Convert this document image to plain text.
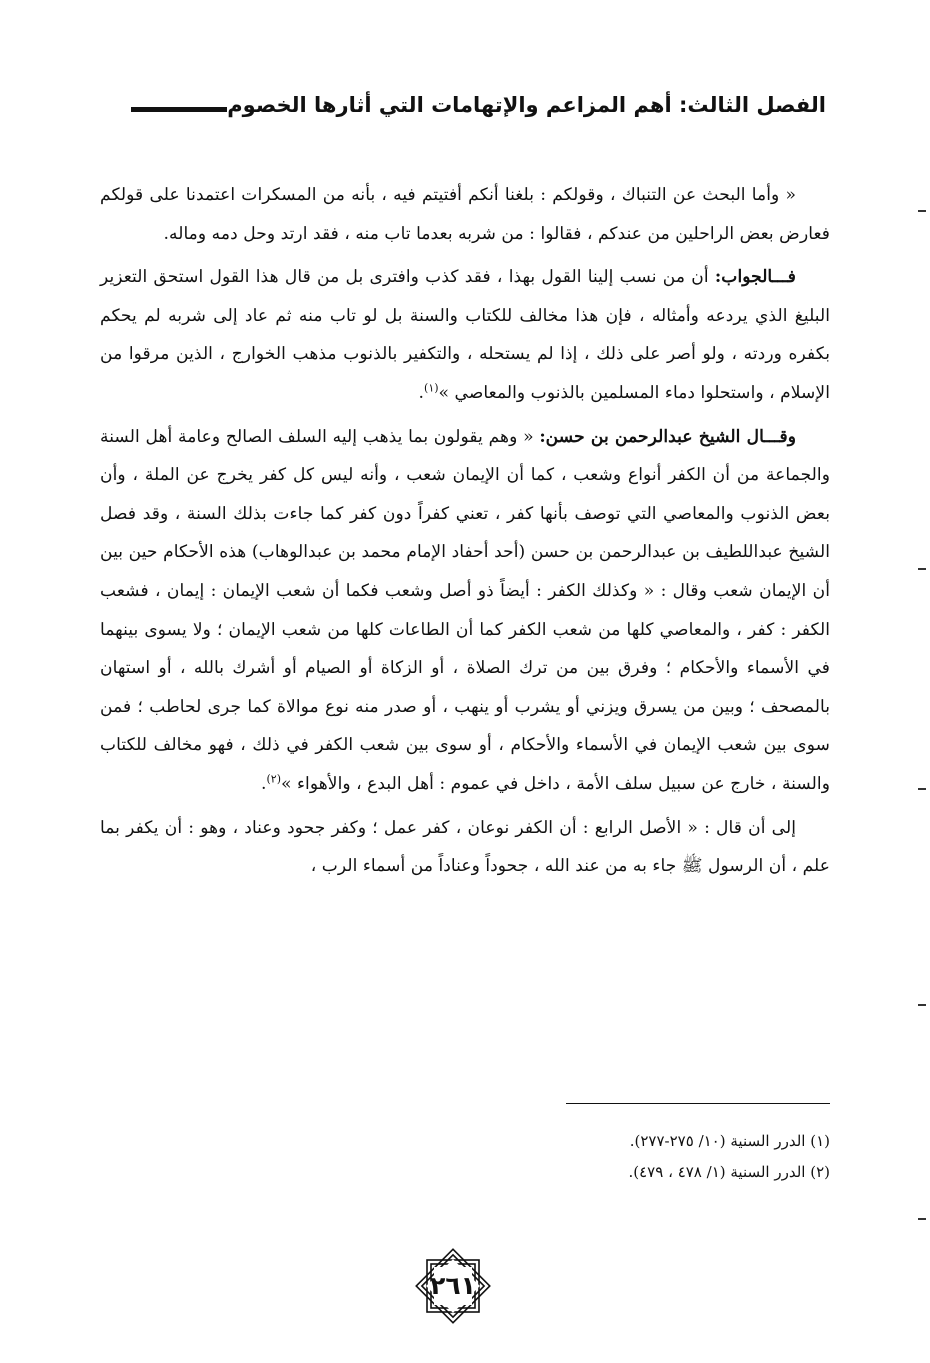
الفصل الثالث: أهم المزاعم والإتهامات التي أثارها الخصوم

« وأما البحث عن التنباك ، وقولكم : بلغنا أنكم أفتيتم فيه ، بأنه من المسكرات اعتمدنا على قولكم فعارض بعض الراحلين من عندكم ، فقالوا : من شربه بعدما تاب منه ، فقد ارتد وحل دمه وماله.

فـــالجواب: أن من نسب إلينا القول بهذا ، فقد كذب وافترى بل من قال هذا القول استحق التعزير البليغ الذي يردعه وأمثاله ، فإن هذا مخالف للكتاب والسنة بل لو تاب منه ثم عاد إلى شربه لم يحكم بكفره وردته ، ولو أصر على ذلك ، إذا لم يستحله ، والتكفير بالذنوب مذهب الخوارج ، الذين مرقوا من الإسلام ، واستحلوا دماء المسلمين بالذنوب والمعاصي »$^{(١)}$.

وقـــال الشيخ عبدالرحمن بن حسن: « وهم يقولون بما يذهب إليه السلف الصالح وعامة أهل السنة والجماعة من أن الكفر أنواع وشعب ، كما أن الإيمان شعب ، وأنه ليس كل كفر يخرج عن الملة ، وأن بعض الذنوب والمعاصي التي توصف بأنها كفر ، تعني كفراً دون كفر كما جاءت بذلك السنة ، وقد فصل الشيخ عبداللطيف بن عبدالرحمن بن حسن (أحد أحفاد الإمام محمد بن عبدالوهاب) هذه الأحكام حين بين أن الإيمان شعب وقال : « وكذلك الكفر : أيضاً ذو أصل وشعب فكما أن شعب الإيمان : إيمان ، فشعب الكفر : كفر ، والمعاصي كلها من شعب الكفر كما أن الطاعات كلها من شعب الإيمان ؛ ولا يسوى بينهما في الأسماء والأحكام ؛ وفرق بين من ترك الصلاة ، أو الزكاة أو الصيام أو أشرك بالله ، أو استهان بالمصحف ؛ وبين من يسرق ويزني أو يشرب أو ينهب ، أو صدر منه نوع موالاة كما جرى لحاطب ؛ فمن سوى بين شعب الإيمان في الأسماء والأحكام ، أو سوى بين شعب الكفر في ذلك ، فهو مخالف للكتاب والسنة ، خارج عن سبيل سلف الأمة ، داخل في عموم : أهل البدع ، والأهواء »$^{(٢)}$.

إلى أن قال : « الأصل الرابع : أن الكفر نوعان ، كفر عمل ؛ وكفر جحود وعناد ، وهو : أن يكفر بما علم ، أن الرسول ﷺ جاء به من عند الله ، جحوداً وعناداً من أسماء الرب ،

(١) الدرر السنية (١٠/ ٢٧٥-٢٧٧).

(٢) الدرر السنية (١/ ٤٧٨ ، ٤٧٩).

٢٦١
